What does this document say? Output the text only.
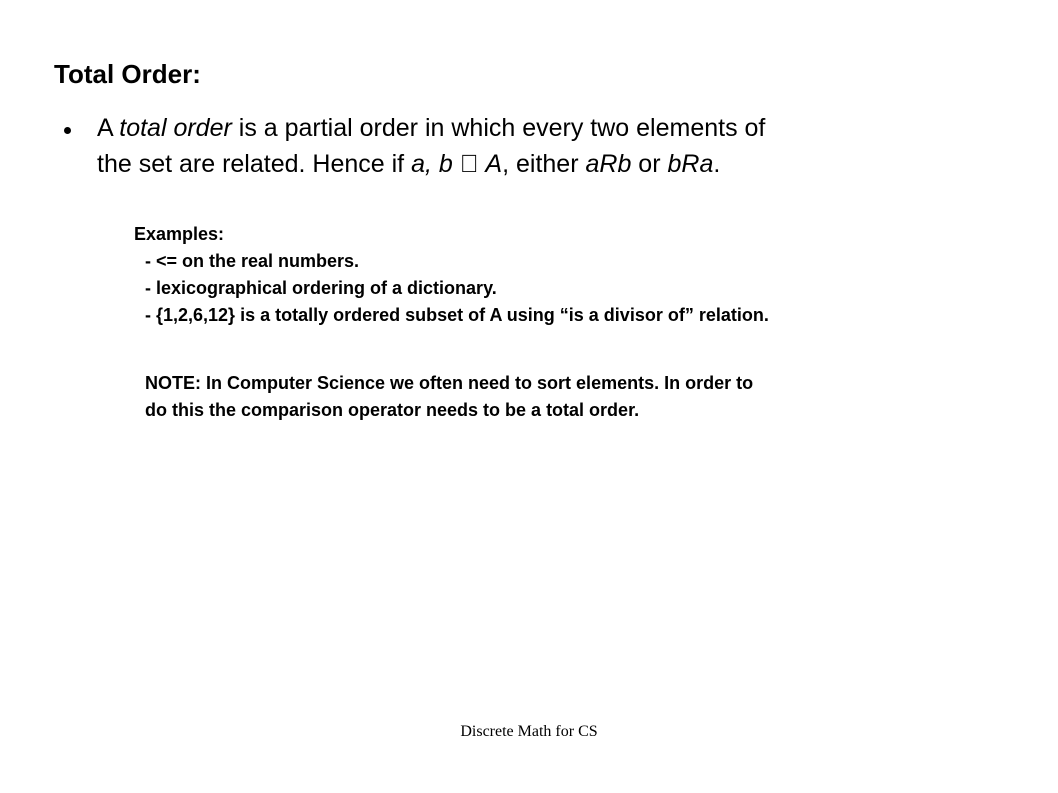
Total Order:
A total order is a partial order in which every two elements of
the set are related. Hence if a, b   A, either aRb or bRa.
Examples:
- <= on the real numbers.
- lexicographical ordering of a dictionary.
- {1,2,6,12} is a totally ordered subset of A using “is a divisor of” relation.
NOTE: In Computer Science we often need to sort elements. In order to
do this the comparison operator needs to be a total order.
Discrete Math for CS
